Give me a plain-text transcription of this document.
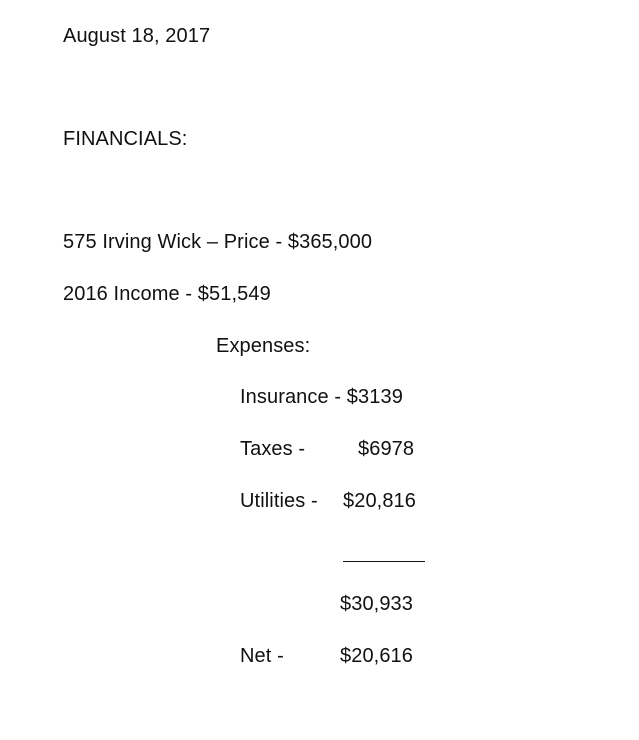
August 18, 2017
FINANCIALS:
575 Irving Wick – Price - $365,000
2016 Income - $51,549
Expenses:
Insurance - $3139
Taxes -	$6978
Utilities - $20,816
$30,933
Net -	$20,616
